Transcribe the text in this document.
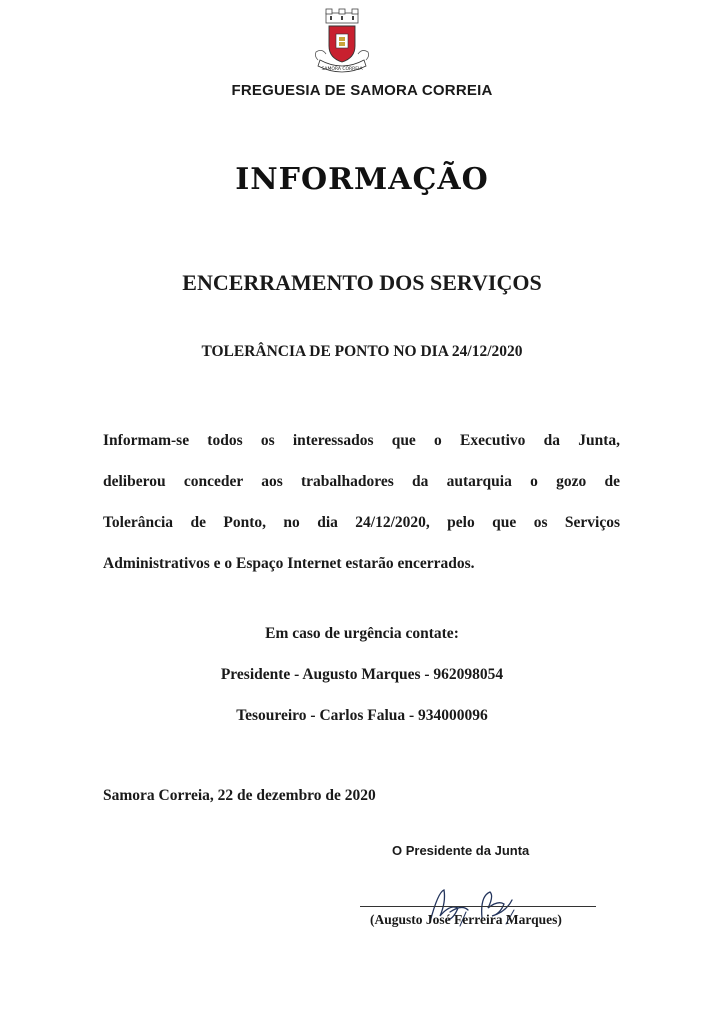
SAMORA CORREIA
FREGUESIA DE SAMORA CORREIA
INFORMAÇÃO
ENCERRAMENTO DOS SERVIÇOS
TOLERÂNCIA DE PONTO NO DIA 24/12/2020
Informam-se todos os interessados que o Executivo da Junta,
deliberou conceder aos trabalhadores da autarquia o gozo de
Tolerância de Ponto, no dia 24/12/2020, pelo que os Serviços
Administrativos e o Espaço Internet estarão encerrados.
Em caso de urgência contate:
Presidente - Augusto Marques - 962098054
Tesoureiro - Carlos Falua - 934000096
Samora Correia, 22 de dezembro de 2020
O Presidente da Junta
(Augusto José Ferreira Marques)
